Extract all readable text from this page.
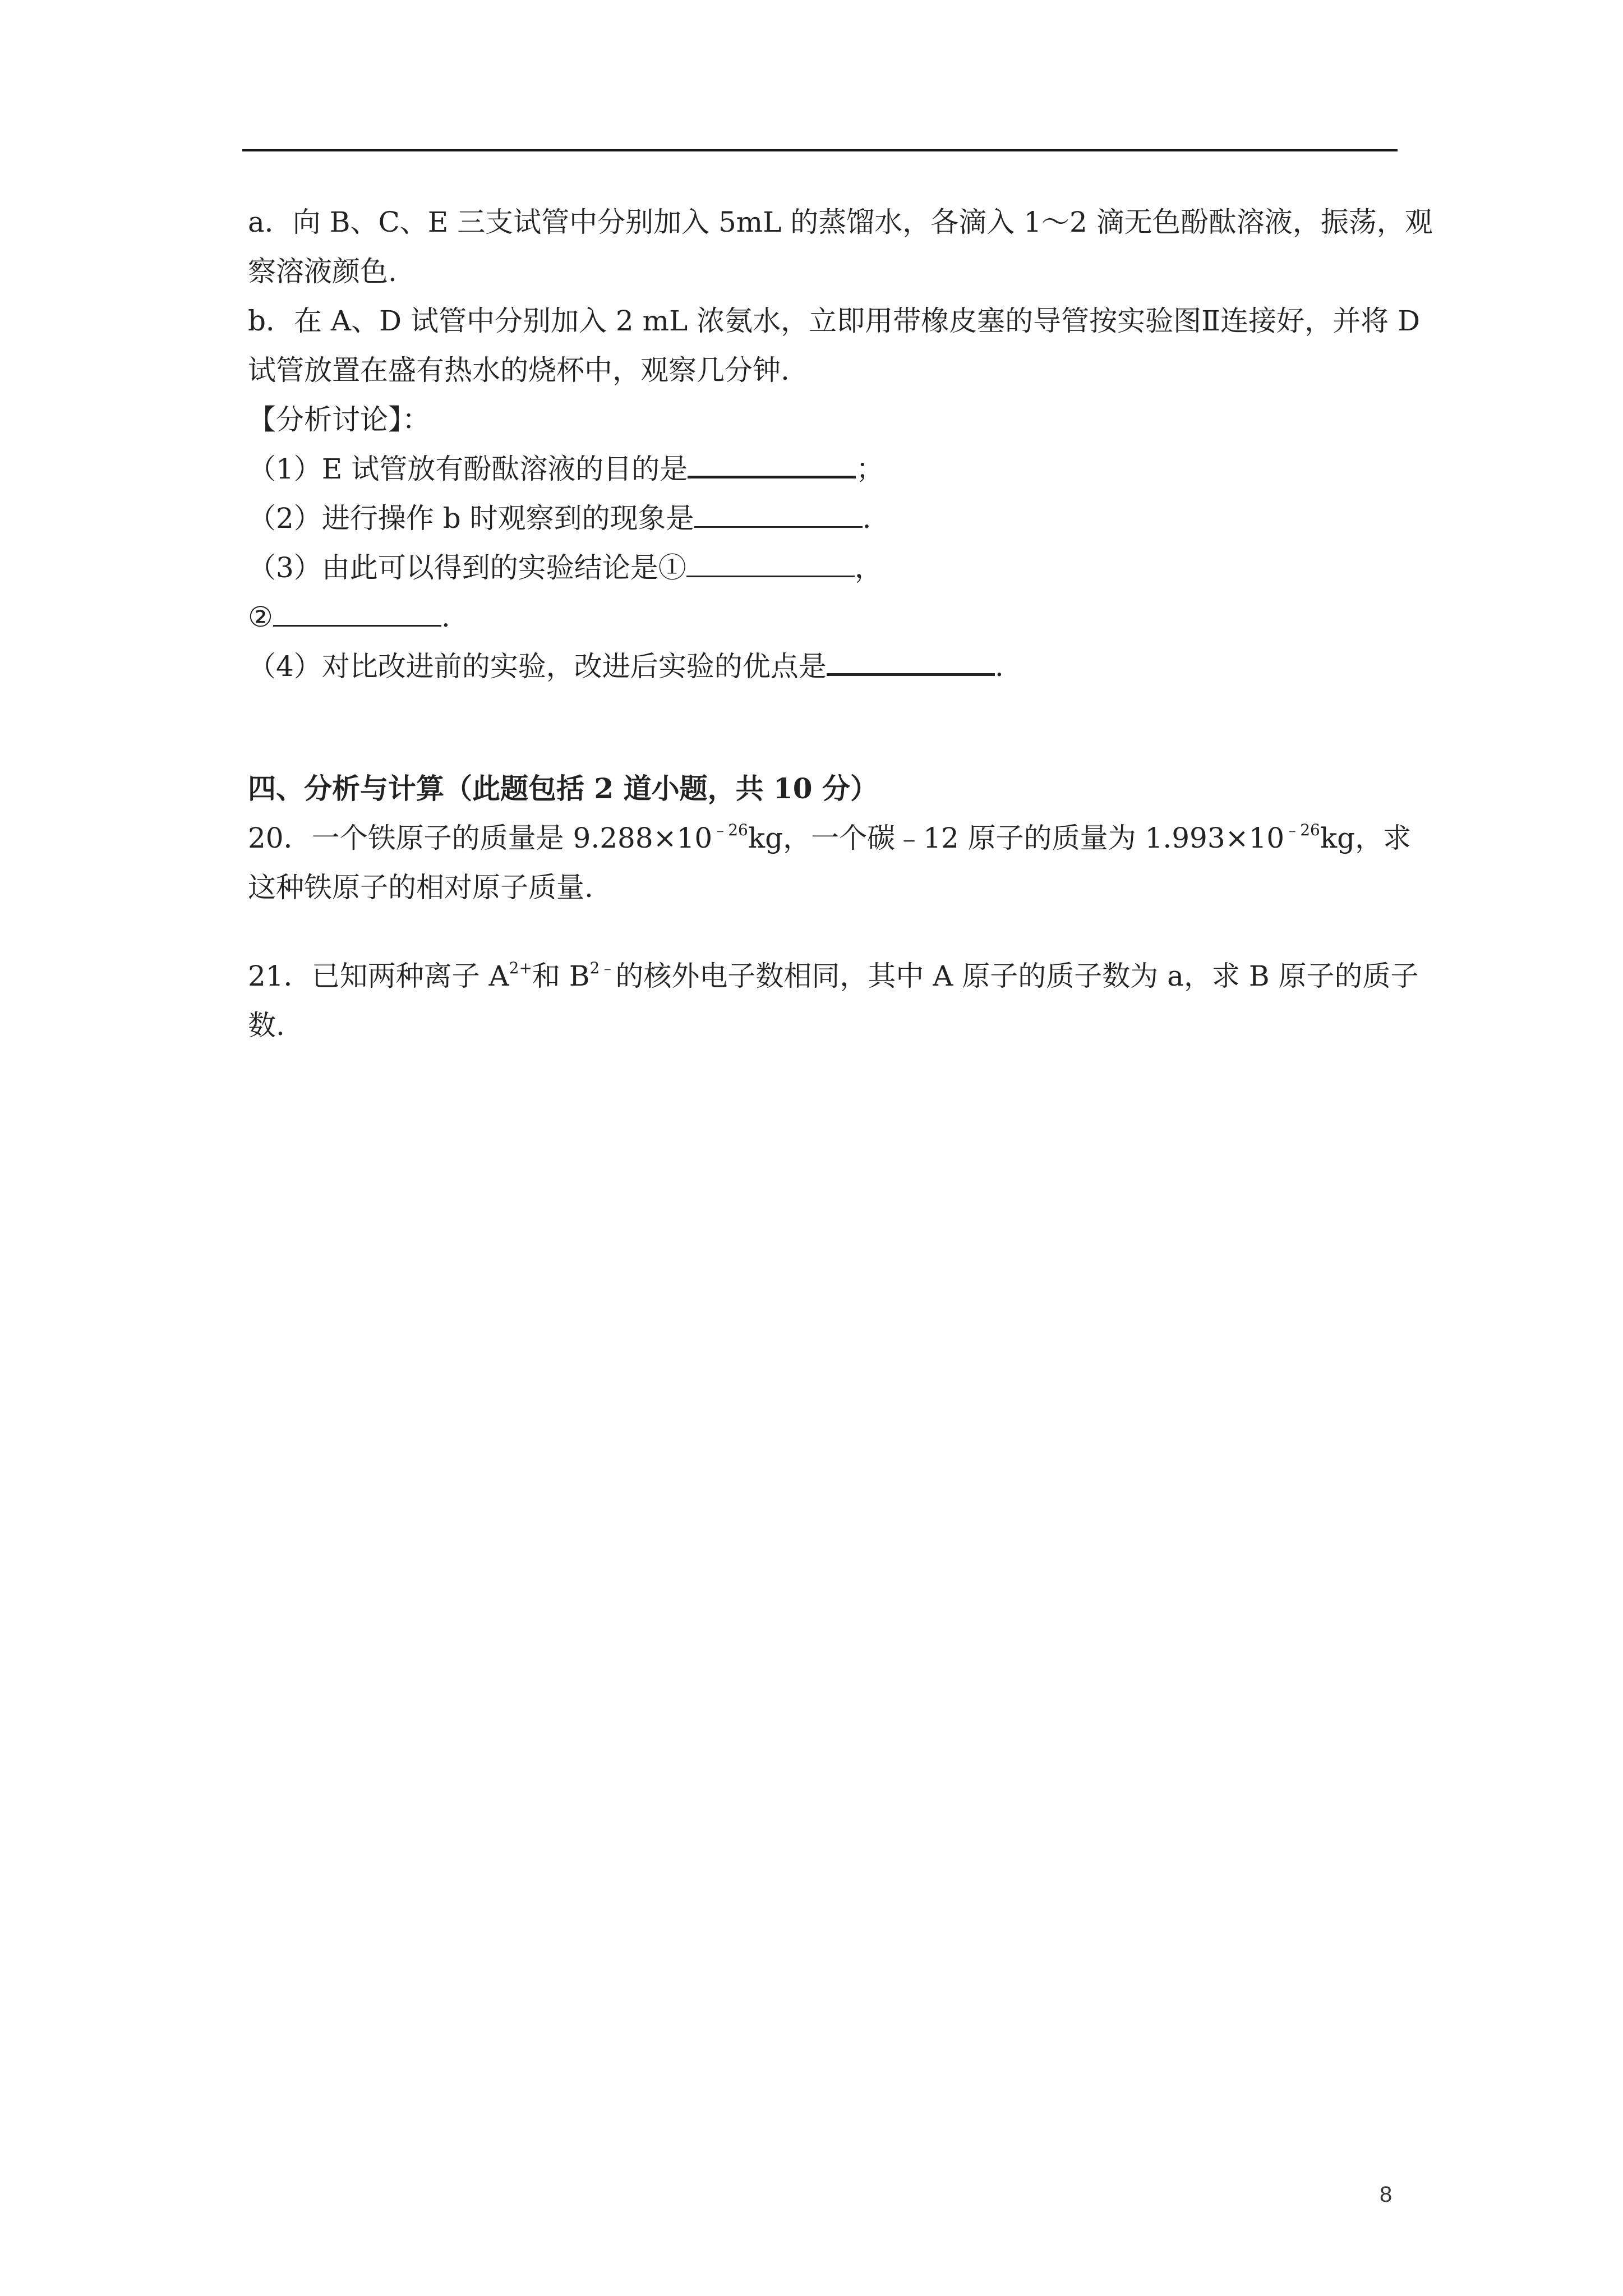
a．向 B、C、E 三支试管中分别加入 5mL 的蒸馏水，各滴入 1～2 滴无色酚酞溶液，振荡，观
察溶液颜色.
b．在 A、D 试管中分别加入 2 mL 浓氨水，立即用带橡皮塞的导管按实验图Ⅱ连接好，并将 D
试管放置在盛有热水的烧杯中，观察几分钟.
【分析讨论】：
（1）E 试管放有酚酞溶液的目的是	；
（2）进行操作 b 时观察到的现象是	.
（3）由此可以得到的实验结论是①	，
②	.
（4）对比改进前的实验，改进后实验的优点是	.
四、分析与计算（此题包括 2 道小题，共 10 分）
20．一个铁原子的质量是 $9.288\times 10^{﹣26}kg$，一个碳﹣12 原子的质量为 $1.993\times 10^{﹣26}kg$，求
这种铁原子的相对原子质量.
21．已知两种离子 $A^{2+}$和 $B^{2﹣}$的核外电子数相同，其中 A 原子的质子数为 a，求 B 原子的质子
数.
8
